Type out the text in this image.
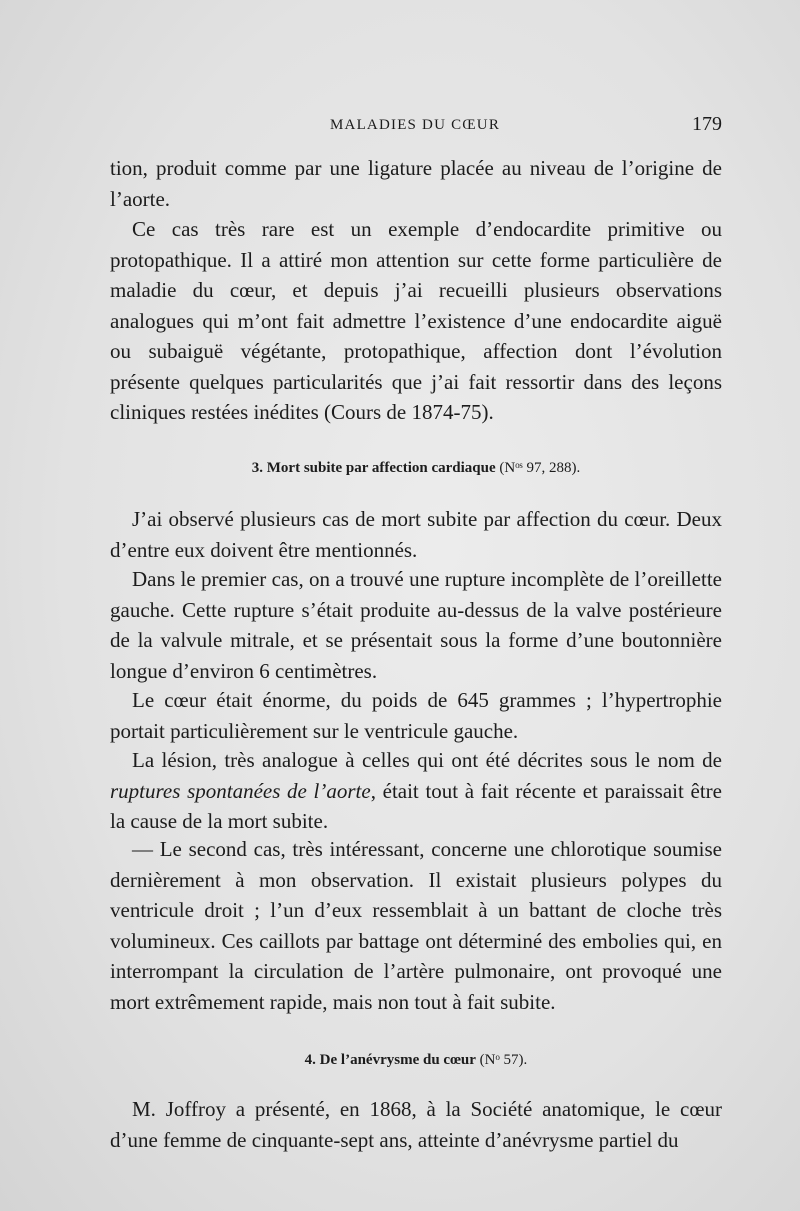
MALADIES DU CŒUR	179

tion, produit comme par une ligature placée au niveau de l’origine de l’aorte.

Ce cas très rare est un exemple d’endocardite primitive ou protopathique. Il a attiré mon attention sur cette forme particulière de maladie du cœur, et depuis j’ai recueilli plusieurs observations analogues qui m’ont fait admettre l’existence d’une endocardite aiguë ou subaiguë végétante, protopathique, affection dont l’évolution présente quelques particularités que j’ai fait ressortir dans des leçons cliniques restées inédites (Cours de 1874-75).

3. Mort subite par affection cardiaque (Nᵒˢ 97, 288).

J’ai observé plusieurs cas de mort subite par affection du cœur. Deux d’entre eux doivent être mentionnés.

Dans le premier cas, on a trouvé une rupture incomplète de l’oreillette gauche. Cette rupture s’était produite au-dessus de la valve postérieure de la valvule mitrale, et se présentait sous la forme d’une boutonnière longue d’environ 6 centimètres.

Le cœur était énorme, du poids de 645 grammes ; l’hypertrophie portait particulièrement sur le ventricule gauche.

La lésion, très analogue à celles qui ont été décrites sous le nom de ruptures spontanées de l’aorte, était tout à fait récente et paraissait être la cause de la mort subite.

— Le second cas, très intéressant, concerne une chlorotique soumise dernièrement à mon observation. Il existait plusieurs polypes du ventricule droit ; l’un d’eux ressemblait à un battant de cloche très volumineux. Ces caillots par battage ont déterminé des embolies qui, en interrompant la circulation de l’artère pulmonaire, ont provoqué une mort extrêmement rapide, mais non tout à fait subite.

4. De l’anévrysme du cœur (Nᵒ 57).

M. Joffroy a présenté, en 1868, à la Société anatomique, le cœur d’une femme de cinquante-sept ans, atteinte d’anévrysme partiel du
